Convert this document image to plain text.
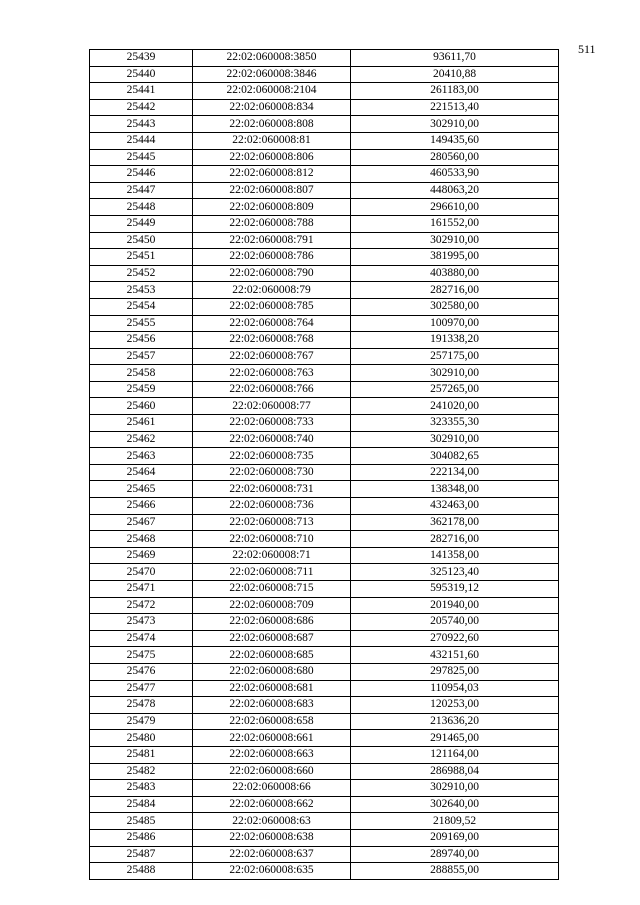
511
25439	22:02:060008:3850	93611,70
25440	22:02:060008:3846	20410,88
25441	22:02:060008:2104	261183,00
25442	22:02:060008:834	221513,40
25443	22:02:060008:808	302910,00
25444	22:02:060008:81	149435,60
25445	22:02:060008:806	280560,00
25446	22:02:060008:812	460533,90
25447	22:02:060008:807	448063,20
25448	22:02:060008:809	296610,00
25449	22:02:060008:788	161552,00
25450	22:02:060008:791	302910,00
25451	22:02:060008:786	381995,00
25452	22:02:060008:790	403880,00
25453	22:02:060008:79	282716,00
25454	22:02:060008:785	302580,00
25455	22:02:060008:764	100970,00
25456	22:02:060008:768	191338,20
25457	22:02:060008:767	257175,00
25458	22:02:060008:763	302910,00
25459	22:02:060008:766	257265,00
25460	22:02:060008:77	241020,00
25461	22:02:060008:733	323355,30
25462	22:02:060008:740	302910,00
25463	22:02:060008:735	304082,65
25464	22:02:060008:730	222134,00
25465	22:02:060008:731	138348,00
25466	22:02:060008:736	432463,00
25467	22:02:060008:713	362178,00
25468	22:02:060008:710	282716,00
25469	22:02:060008:71	141358,00
25470	22:02:060008:711	325123,40
25471	22:02:060008:715	595319,12
25472	22:02:060008:709	201940,00
25473	22:02:060008:686	205740,00
25474	22:02:060008:687	270922,60
25475	22:02:060008:685	432151,60
25476	22:02:060008:680	297825,00
25477	22:02:060008:681	110954,03
25478	22:02:060008:683	120253,00
25479	22:02:060008:658	213636,20
25480	22:02:060008:661	291465,00
25481	22:02:060008:663	121164,00
25482	22:02:060008:660	286988,04
25483	22:02:060008:66	302910,00
25484	22:02:060008:662	302640,00
25485	22:02:060008:63	21809,52
25486	22:02:060008:638	209169,00
25487	22:02:060008:637	289740,00
25488	22:02:060008:635	288855,00
